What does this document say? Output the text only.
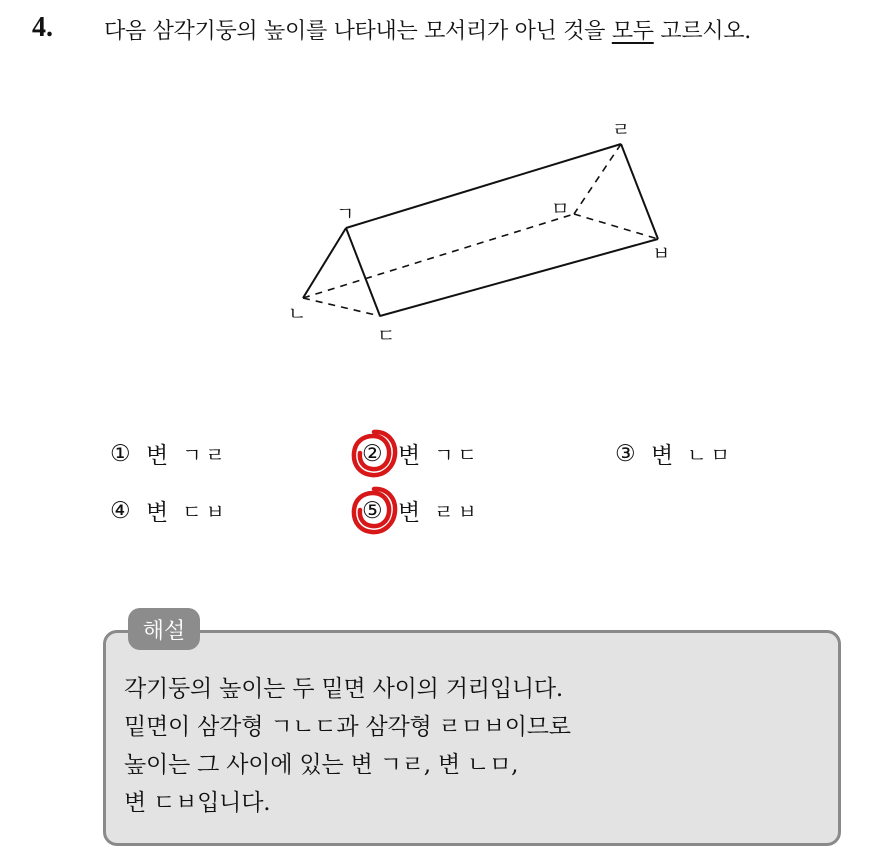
4. 다음 삼각기둥의 높이를 나타내는 모서리가 아닌 것을 모두 고르시오.
ㄱ
ㄴ
ㄷ
ㄹ
ㅁ
ㅂ
① 변 ㄱㄹ	② 변 ㄱㄷ	③ 변 ㄴㅁ
④ 변 ㄷㅂ	⑤ 변 ㄹㅂ
해설
각기둥의 높이는 두 밑면 사이의 거리입니다.
밑면이 삼각형 ㄱㄴㄷ과 삼각형 ㄹㅁㅂ이므로
높이는 그 사이에 있는 변 ㄱㄹ, 변 ㄴㅁ,
변 ㄷㅂ입니다.
